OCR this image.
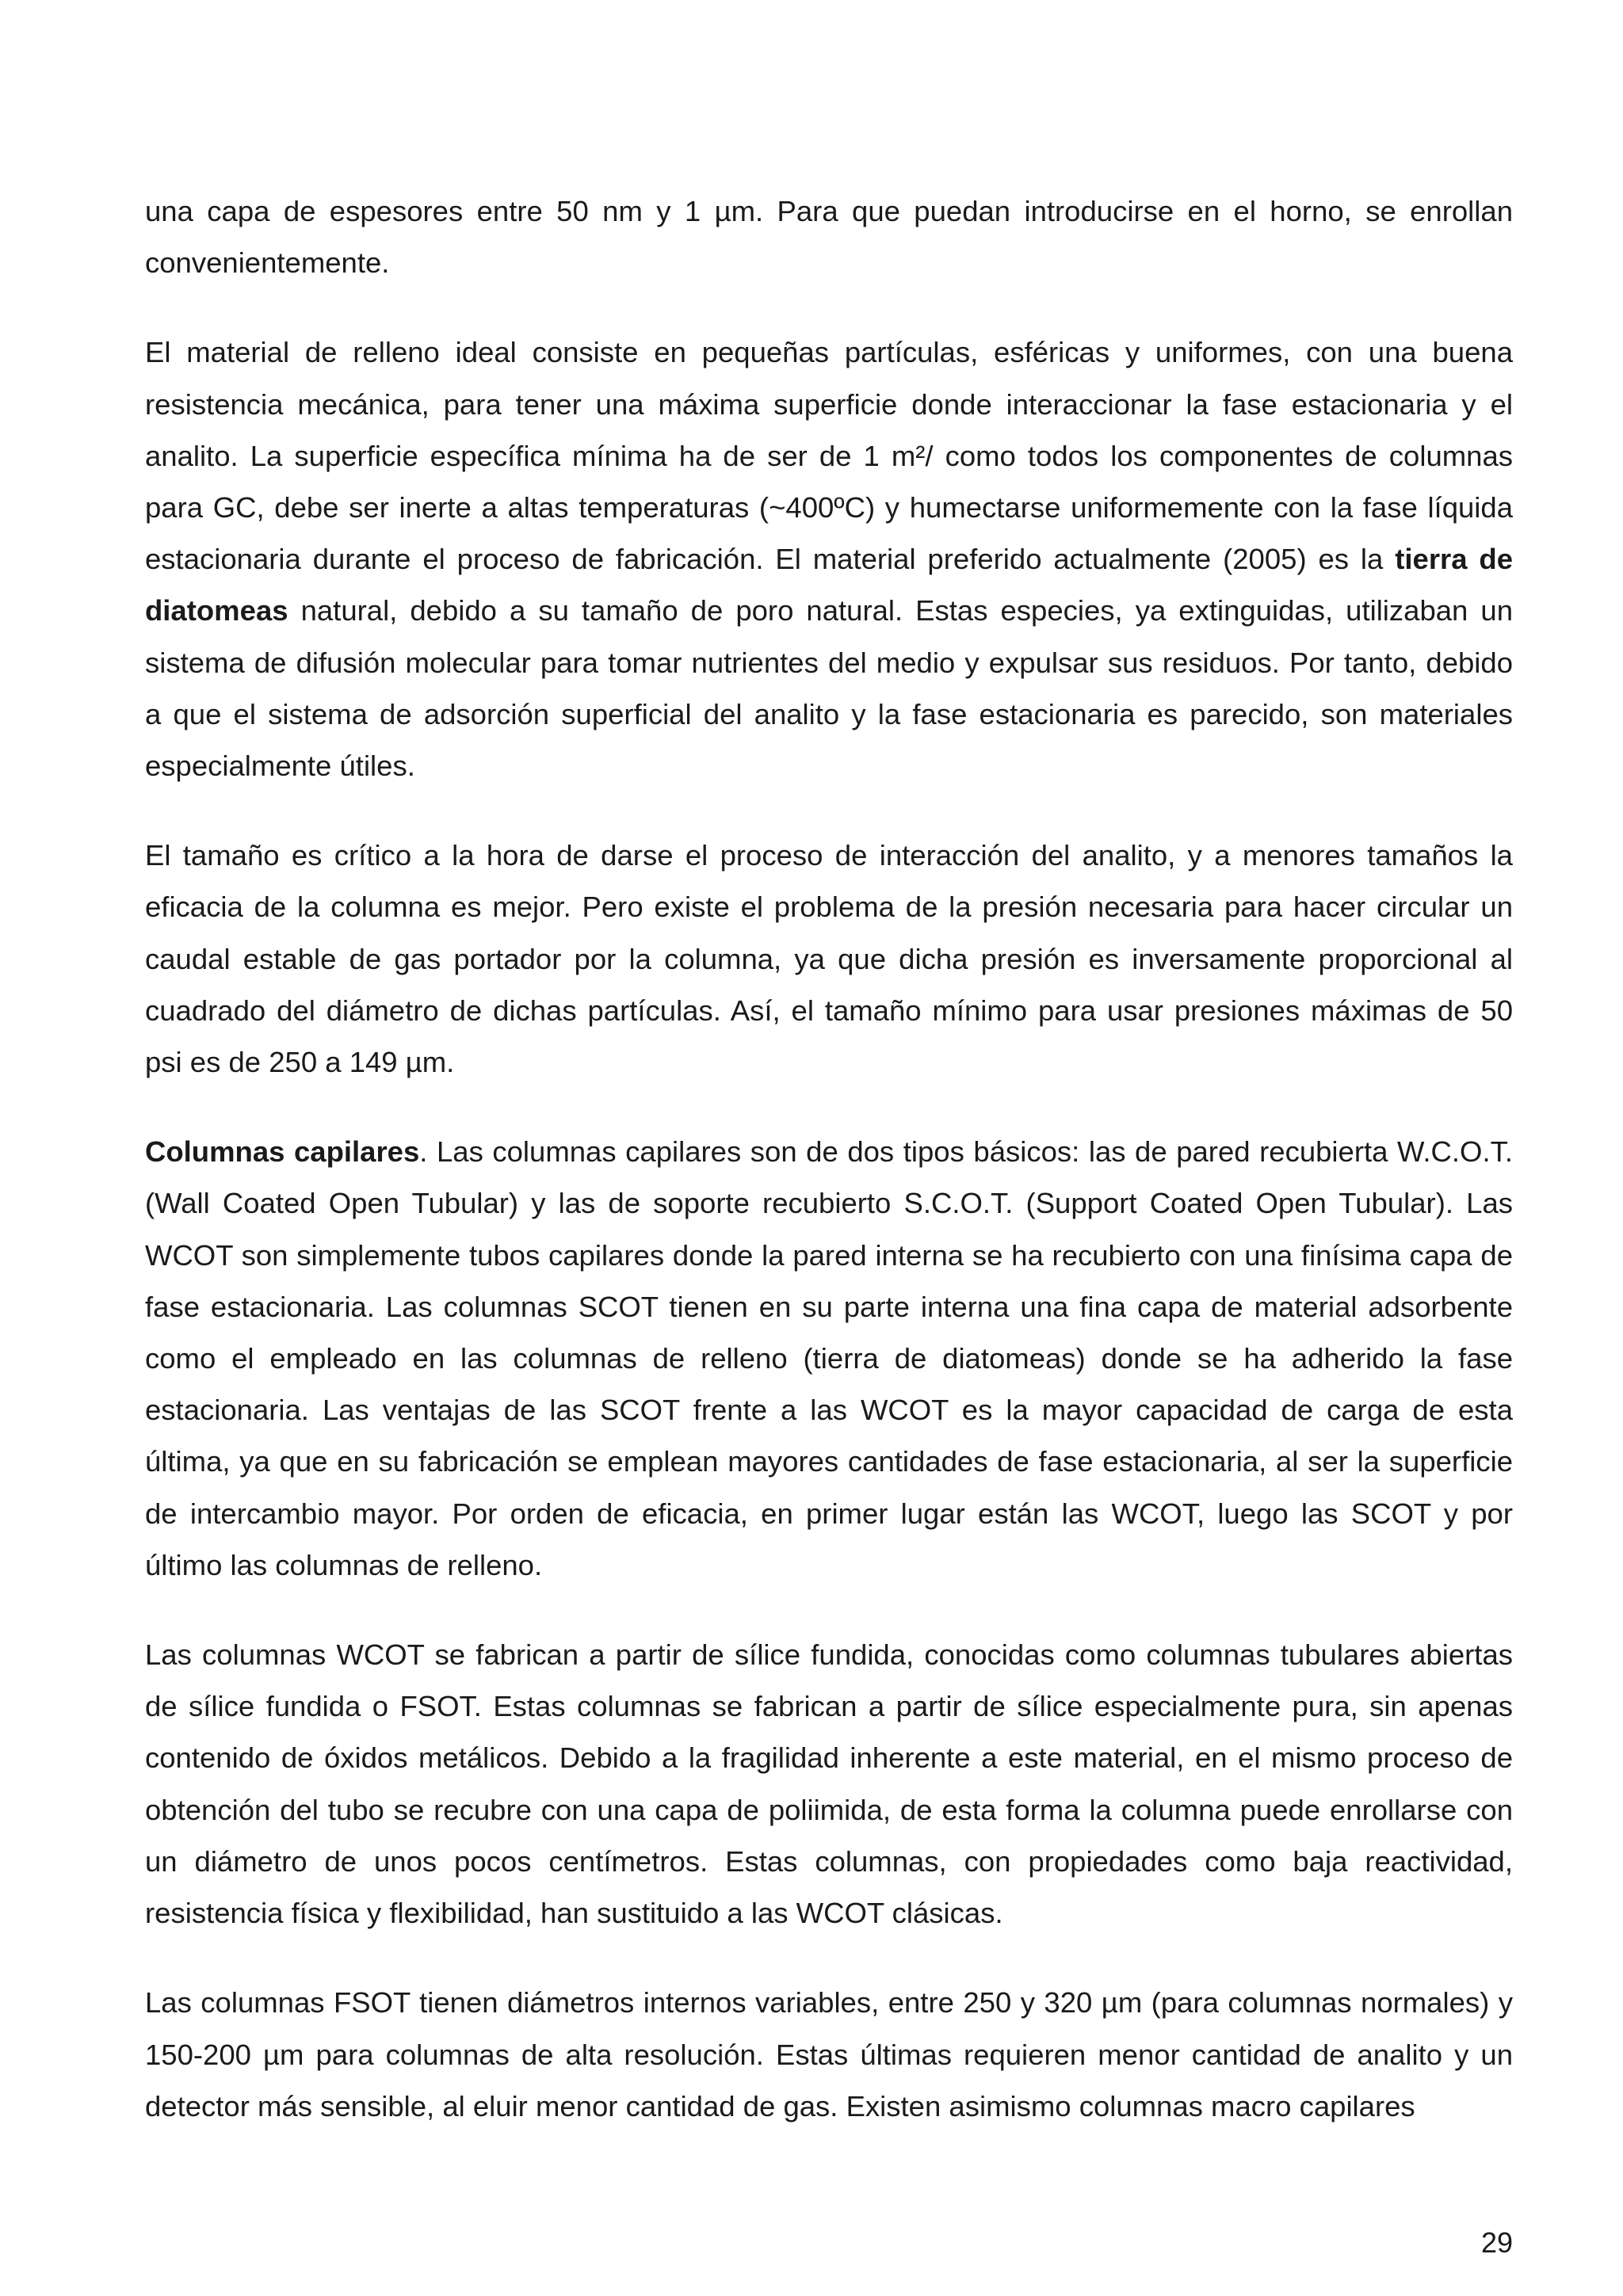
una capa de espesores entre 50 nm y 1 µm. Para que puedan introducirse en el horno, se enrollan convenientemente.

El material de relleno ideal consiste en pequeñas partículas, esféricas y uniformes, con una buena resistencia mecánica, para tener una máxima superficie donde interaccionar la fase estacionaria y el analito. La superficie específica mínima ha de ser de 1 m²/ como todos los componentes de columnas para GC, debe ser inerte a altas temperaturas (~400ºC) y humectarse uniformemente con la fase líquida estacionaria durante el proceso de fabricación. El material preferido actualmente (2005) es la tierra de diatomeas natural, debido a su tamaño de poro natural. Estas especies, ya extinguidas, utilizaban un sistema de difusión molecular para tomar nutrientes del medio y expulsar sus residuos. Por tanto, debido a que el sistema de adsorción superficial del analito y la fase estacionaria es parecido, son materiales especialmente útiles.

El tamaño es crítico a la hora de darse el proceso de interacción del analito, y a menores tamaños la eficacia de la columna es mejor. Pero existe el problema de la presión necesaria para hacer circular un caudal estable de gas portador por la columna, ya que dicha presión es inversamente proporcional al cuadrado del diámetro de dichas partículas. Así, el tamaño mínimo para usar presiones máximas de 50 psi es de 250 a 149 µm.

Columnas capilares. Las columnas capilares son de dos tipos básicos: las de pared recubierta W.C.O.T. (Wall Coated Open Tubular) y las de soporte recubierto S.C.O.T. (Support Coated Open Tubular). Las WCOT son simplemente tubos capilares donde la pared interna se ha recubierto con una finísima capa de fase estacionaria. Las columnas SCOT tienen en su parte interna una fina capa de material adsorbente como el empleado en las columnas de relleno (tierra de diatomeas) donde se ha adherido la fase estacionaria. Las ventajas de las SCOT frente a las WCOT es la mayor capacidad de carga de esta última, ya que en su fabricación se emplean mayores cantidades de fase estacionaria, al ser la superficie de intercambio mayor. Por orden de eficacia, en primer lugar están las WCOT, luego las SCOT y por último las columnas de relleno.

Las columnas WCOT se fabrican a partir de sílice fundida, conocidas como columnas tubulares abiertas de sílice fundida o FSOT. Estas columnas se fabrican a partir de sílice especialmente pura, sin apenas contenido de óxidos metálicos. Debido a la fragilidad inherente a este material, en el mismo proceso de obtención del tubo se recubre con una capa de poliimida, de esta forma la columna puede enrollarse con un diámetro de unos pocos centímetros. Estas columnas, con propiedades como baja reactividad, resistencia física y flexibilidad, han sustituido a las WCOT clásicas.

Las columnas FSOT tienen diámetros internos variables, entre 250 y 320 µm (para columnas normales) y 150-200 µm para columnas de alta resolución. Estas últimas requieren menor cantidad de analito y un detector más sensible, al eluir menor cantidad de gas. Existen asimismo columnas macro capilares

29
